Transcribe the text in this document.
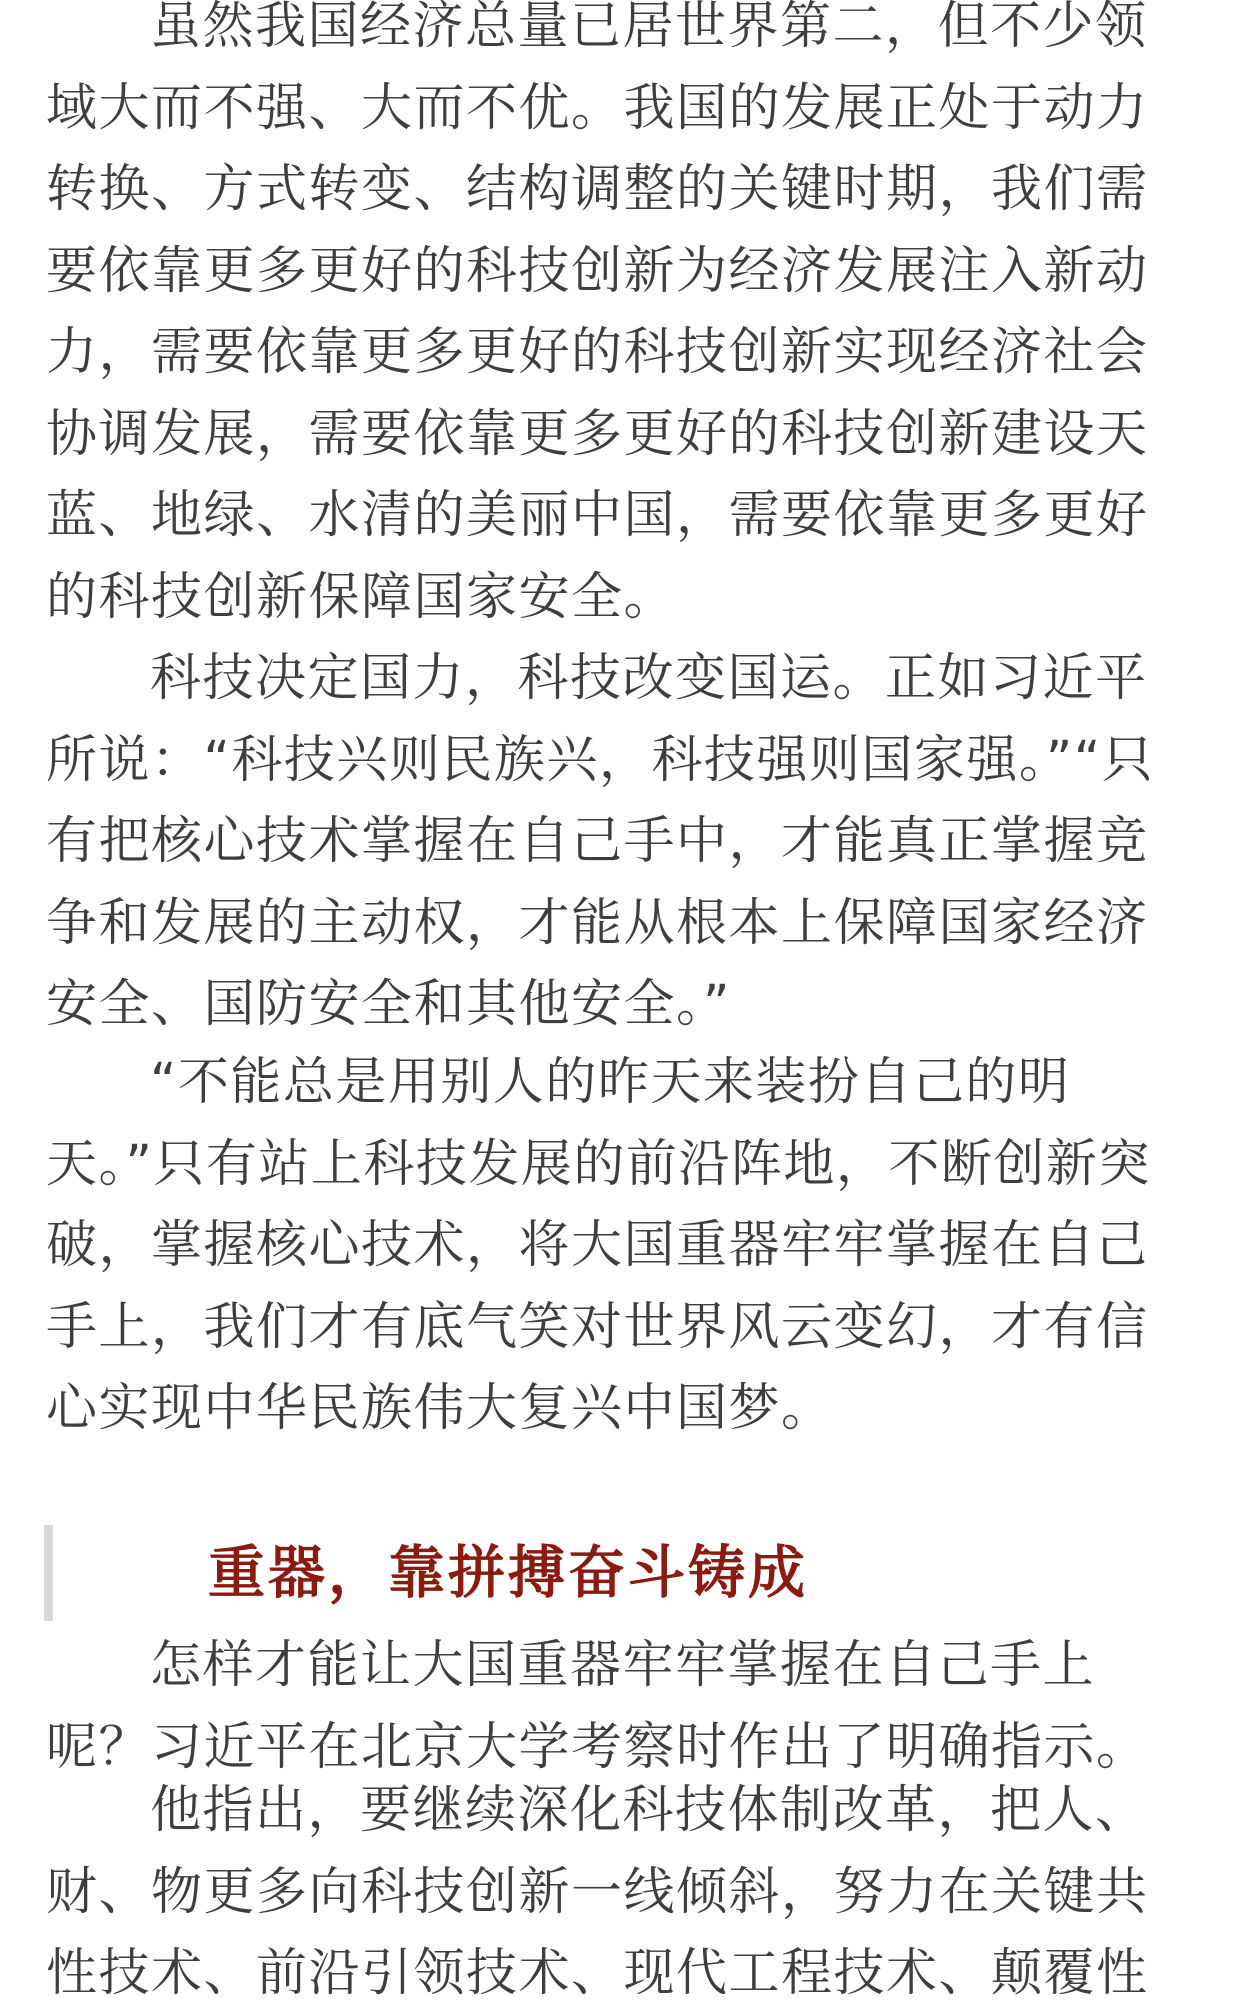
虽然我国经济总量已居世界第二，但不少领域大而不强、大而不优。我国的发展正处于动力转换、方式转变、结构调整的关键时期，我们需要依靠更多更好的科技创新为经济发展注入新动力，需要依靠更多更好的科技创新实现经济社会协调发展，需要依靠更多更好的科技创新建设天蓝、地绿、水清的美丽中国，需要依靠更多更好的科技创新保障国家安全。

科技决定国力，科技改变国运。正如习近平所说：“科技兴则民族兴，科技强则国家强。”“只有把核心技术掌握在自己手中，才能真正掌握竞争和发展的主动权，才能从根本上保障国家经济安全、国防安全和其他安全。”

“不能总是用别人的昨天来装扮自己的明天。”只有站上科技发展的前沿阵地，不断创新突破，掌握核心技术，将大国重器牢牢掌握在自己手上，我们才有底气笑对世界风云变幻，才有信心实现中华民族伟大复兴中国梦。

重器，靠拼搏奋斗铸成

怎样才能让大国重器牢牢掌握在自己手上呢？习近平在北京大学考察时作出了明确指示。

他指出，要继续深化科技体制改革，把人、财、物更多向科技创新一线倾斜，努力在关键共性技术、前沿引领技术、现代工程技术、颠覆性
